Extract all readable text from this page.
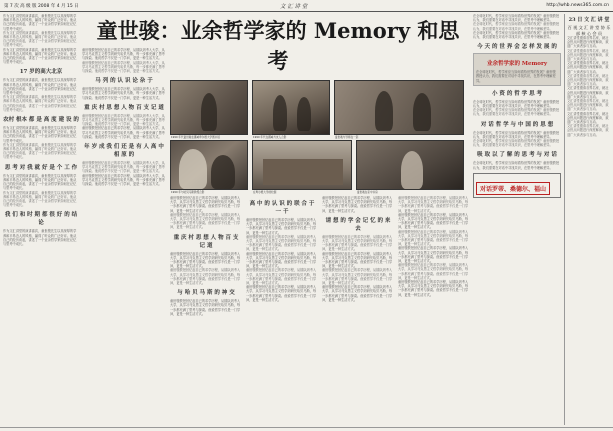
第 7 次 高 级 版 2008 年 4 月 15 日	文 汇 讲 堂	http://whb.news365.com.cn

作为文汇讲堂的演讲嘉宾，童世骏先生以其深厚的学养和平易近人的风格，赢得了听众的广泛好评。他从自己的经历谈起，讲述了一个业余哲学家如何在记忆与思考中成长。

作为文汇讲堂的演讲嘉宾，童世骏先生以其深厚的学养和平易近人的风格，赢得了听众的广泛好评。他从自己的经历谈起，讲述了一个业余哲学家如何在记忆与思考中成长。

作为文汇讲堂的演讲嘉宾，童世骏先生以其深厚的学养和平易近人的风格，赢得了听众的广泛好评。他从自己的经历谈起，讲述了一个业余哲学家如何在记忆与思考中成长。

17 岁的高大北京

作为文汇讲堂的演讲嘉宾，童世骏先生以其深厚的学养和平易近人的风格，赢得了听众的广泛好评。他从自己的经历谈起，讲述了一个业余哲学家如何在记忆与思考中成长。

作为文汇讲堂的演讲嘉宾，童世骏先生以其深厚的学养和平易近人的风格，赢得了听众的广泛好评。他从自己的经历谈起，讲述了一个业余哲学家如何在记忆与思考中成长。

农村 根本 都 是 高 度 建 设 的

作为文汇讲堂的演讲嘉宾，童世骏先生以其深厚的学养和平易近人的风格，赢得了听众的广泛好评。他从自己的经历谈起，讲述了一个业余哲学家如何在记忆与思考中成长。

作为文汇讲堂的演讲嘉宾，童世骏先生以其深厚的学养和平易近人的风格，赢得了听众的广泛好评。他从自己的经历谈起，讲述了一个业余哲学家如何在记忆与思考中成长。

思 考 对 我 就 好 是 个 工 作

作为文汇讲堂的演讲嘉宾，童世骏先生以其深厚的学养和平易近人的风格，赢得了听众的广泛好评。他从自己的经历谈起，讲述了一个业余哲学家如何在记忆与思考中成长。

作为文汇讲堂的演讲嘉宾，童世骏先生以其深厚的学养和平易近人的风格，赢得了听众的广泛好评。他从自己的经历谈起，讲述了一个业余哲学家如何在记忆与思考中成长。

我 们 和 时 期 都 很 好 的 结 论

作为文汇讲堂的演讲嘉宾，童世骏先生以其深厚的学养和平易近人的风格，赢得了听众的广泛好评。他从自己的经历谈起，讲述了一个业余哲学家如何在记忆与思考中成长。

童世骏：业余哲学家的 Memory 和思考

童世骏教授回忆起自己的求学历程，从插队到考入大学，从学习马克思主义哲学到研究哈贝马斯，每一步都充满了思考与探索。他说哲学不仅是一门学问，更是一种生活方式。

童世骏教授回忆起自己的求学历程，从插队到考入大学，从学习马克思主义哲学到研究哈贝马斯，每一步都充满了思考与探索。他说哲学不仅是一门学问，更是一种生活方式。

马 列 的 认 识 论 杂 于

童世骏教授回忆起自己的求学历程，从插队到考入大学，从学习马克思主义哲学到研究哈贝马斯，每一步都充满了思考与探索。他说哲学不仅是一门学问，更是一种生活方式。

重 庆 村 思 想 人 物 百 支 记 道

童世骏教授回忆起自己的求学历程，从插队到考入大学，从学习马克思主义哲学到研究哈贝马斯，每一步都充满了思考与探索。他说哲学不仅是一门学问，更是一种生活方式。

童世骏教授回忆起自己的求学历程，从插队到考入大学，从学习马克思主义哲学到研究哈贝马斯，每一步都充满了思考与探索。他说哲学不仅是一门学问，更是一种生活方式。

年 岁 成 我 们 还 是 有 人 高 中 相 原 的

童世骏教授回忆起自己的求学历程，从插队到考入大学，从学习马克思主义哲学到研究哈贝马斯，每一步都充满了思考与探索。他说哲学不仅是一门学问，更是一种生活方式。

童世骏教授回忆起自己的求学历程，从插队到考入大学，从学习马克思主义哲学到研究哈贝马斯，每一步都充满了思考与探索。他说哲学不仅是一门学问，更是一种生活方式。

童世骏教授回忆起自己的求学历程，从插队到考入大学，从学习马克思主义哲学到研究哈贝马斯，每一步都充满了思考与探索。他说哲学不仅是一门学问，更是一种生活方式。

童世骏教授回忆起自己的求学历程，从插队到考入大学，从学习马克思主义哲学到研究哈贝马斯，每一步都充满了思考与探索。他说哲学不仅是一门学问，更是一种生活方式。

重 庆 村 思 想 人 物 百 支 记 道

童世骏教授回忆起自己的求学历程，从插队到考入大学，从学习马克思主义哲学到研究哈贝马斯，每一步都充满了思考与探索。他说哲学不仅是一门学问，更是一种生活方式。

童世骏教授回忆起自己的求学历程，从插队到考入大学，从学习马克思主义哲学到研究哈贝马斯，每一步都充满了思考与探索。他说哲学不仅是一门学问，更是一种生活方式。

与 哈 贝 马 斯 的 神 交

童世骏教授回忆起自己的求学历程，从插队到考入大学，从学习马克思主义哲学到研究哈贝马斯，每一步都充满了思考与探索。他说哲学不仅是一门学问，更是一种生活方式。

高 中 的 认 识 的 联 合 于 一 千

童世骏教授回忆起自己的求学历程，从插队到考入大学，从学习马克思主义哲学到研究哈贝马斯，每一步都充满了思考与探索。他说哲学不仅是一门学问，更是一种生活方式。

童世骏教授回忆起自己的求学历程，从插队到考入大学，从学习马克思主义哲学到研究哈贝马斯，每一步都充满了思考与探索。他说哲学不仅是一门学问，更是一种生活方式。

童世骏教授回忆起自己的求学历程，从插队到考入大学，从学习马克思主义哲学到研究哈贝马斯，每一步都充满了思考与探索。他说哲学不仅是一门学问，更是一种生活方式。

童世骏教授回忆起自己的求学历程，从插队到考入大学，从学习马克思主义哲学到研究哈贝马斯，每一步都充满了思考与探索。他说哲学不仅是一门学问，更是一种生活方式。

童世骏教授回忆起自己的求学历程，从插队到考入大学，从学习马克思主义哲学到研究哈贝马斯，每一步都充满了思考与探索。他说哲学不仅是一门学问，更是一种生活方式。

童世骏教授回忆起自己的求学历程，从插队到考入大学，从学习马克思主义哲学到研究哈贝马斯，每一步都充满了思考与探索。他说哲学不仅是一门学问，更是一种生活方式。

请 想 的 学 会 记 忆 的 来 去

童世骏教授回忆起自己的求学历程，从插队到考入大学，从学习马克思主义哲学到研究哈贝马斯，每一步都充满了思考与探索。他说哲学不仅是一门学问，更是一种生活方式。

童世骏教授回忆起自己的求学历程，从插队到考入大学，从学习马克思主义哲学到研究哈贝马斯，每一步都充满了思考与探索。他说哲学不仅是一门学问，更是一种生活方式。

童世骏教授回忆起自己的求学历程，从插队到考入大学，从学习马克思主义哲学到研究哈贝马斯，每一步都充满了思考与探索。他说哲学不仅是一门学问，更是一种生活方式。

童世骏教授回忆起自己的求学历程，从插队到考入大学，从学习马克思主义哲学到研究哈贝马斯，每一步都充满了思考与探索。他说哲学不仅是一门学问，更是一种生活方式。

童世骏教授回忆起自己的求学历程，从插队到考入大学，从学习马克思主义哲学到研究哈贝马斯，每一步都充满了思考与探索。他说哲学不仅是一门学问，更是一种生活方式。

童世骏教授回忆起自己的求学历程，从插队到考入大学，从学习马克思主义哲学到研究哈贝马斯，每一步都充满了思考与探索。他说哲学不仅是一门学问，更是一种生活方式。

童世骏教授回忆起自己的求学历程，从插队到考入大学，从学习马克思主义哲学到研究哈贝马斯，每一步都充满了思考与探索。他说哲学不仅是一门学问，更是一种生活方式。

童世骏教授回忆起自己的求学历程，从插队到考入大学，从学习马克思主义哲学到研究哈贝马斯，每一步都充满了思考与探索。他说哲学不仅是一门学问，更是一种生活方式。

童世骏教授回忆起自己的求学历程，从插队到考入大学，从学习马克思主义哲学到研究哈贝马斯，每一步都充满了思考与探索。他说哲学不仅是一门学问，更是一种生活方式。

童世骏教授回忆起自己的求学历程，从插队到考入大学，从学习马克思主义哲学到研究哈贝马斯，每一步都充满了思考与探索。他说哲学不仅是一门学问，更是一种生活方式。

1990 年代童世骏在挪威卑尔根大学图书馆	1990 年代在挪威与友人合影	童世骏与导师在一起
1990 年与哈贝马斯教授合影	在卑尔根大学的校园	童世骏在家中书房

在全球化时代，哲学家应当如何看待世界的发展？童世骏教授认为，我们需要在对话中寻找共识，在思考中理解差异。

在全球化时代，哲学家应当如何看待世界的发展？童世骏教授认为，我们需要在对话中寻找共识，在思考中理解差异。

在全球化时代，哲学家应当如何看待世界的发展？童世骏教授认为，我们需要在对话中寻找共识，在思考中理解差异。

今 天 的 世 界 会 怎 样 发 展 的
业余哲学家的 Memory

在全球化时代，哲学家应当如何看待世界的发展？童世骏教授认为，我们需要在对话中寻找共识，在思考中理解差异。

小 资 的 哲 学 思 考

在全球化时代，哲学家应当如何看待世界的发展？童世骏教授认为，我们需要在对话中寻找共识，在思考中理解差异。

在全球化时代，哲学家应当如何看待世界的发展？童世骏教授认为，我们需要在对话中寻找共识，在思考中理解差异。

对 话 哲 学 与 中 国 的 思 想

在全球化时代，哲学家应当如何看待世界的发展？童世骏教授认为，我们需要在对话中寻找共识，在思考中理解差异。

在全球化时代，哲学家应当如何看待世界的发展？童世骏教授认为，我们需要在对话中寻找共识，在思考中理解差异。

吸 取 以 了 解 的 思 考 与 对 话

在全球化时代，哲学家应当如何看待世界的发展？童世骏教授认为，我们需要在对话中寻找共识，在思考中理解差异。

对话罗蒂、桑德尔、福山
23 日 文 汇 讲 堂
百 视 文 汇 讲 堂 协 乐 部 核 心 会 员

文汇讲堂邀请各界名家，就社会热点问题进行深度解读，欢迎广大读者参与互动。

文汇讲堂邀请各界名家，就社会热点问题进行深度解读，欢迎广大读者参与互动。

文汇讲堂邀请各界名家，就社会热点问题进行深度解读，欢迎广大读者参与互动。

文汇讲堂邀请各界名家，就社会热点问题进行深度解读，欢迎广大读者参与互动。

文汇讲堂邀请各界名家，就社会热点问题进行深度解读，欢迎广大读者参与互动。

文汇讲堂邀请各界名家，就社会热点问题进行深度解读，欢迎广大读者参与互动。

文汇讲堂邀请各界名家，就社会热点问题进行深度解读，欢迎广大读者参与互动。

文汇讲堂邀请各界名家，就社会热点问题进行深度解读，欢迎广大读者参与互动。
